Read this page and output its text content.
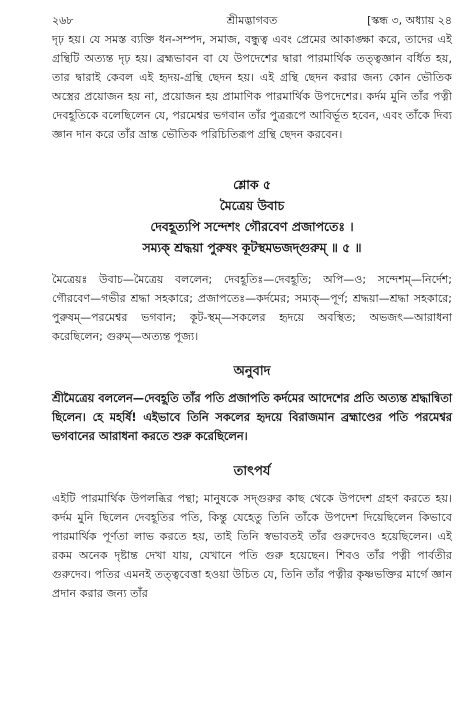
২৬৮	শ্রীমদ্ভাগবত	[স্কন্ধ ৩, অধ্যায় ২৪

দৃঢ় হয়। যে সমস্ত ব্যক্তি ধন-সম্পদ, সমাজ, বন্ধুত্ব এবং প্রেমের আকাঙ্ক্ষা করে, তাদের এই গ্রন্থিটি অত্যন্ত দৃঢ় হয়। ব্রহ্মভাবন বা যে উপদেশের দ্বারা পারমার্থিক তত্ত্বজ্ঞান বর্ধিত হয়, তার দ্বারাই কেবল এই হৃদয়-গ্রন্থি ছেদন হয়। এই গ্রন্থি ছেদন করার জন্য কোন ভৌতিক অস্ত্রের প্রয়োজন হয় না, প্রয়োজন হয় প্রামাণিক পারমার্থিক উপদেশের। কর্দম মুনি তাঁর পত্নী দেবহূতিকে বলেছিলেন যে, পরমেশ্বর ভগবান তাঁর পুত্ররূপে আবির্ভূত হবেন, এবং তাঁকে দিব্য জ্ঞান দান করে তাঁর ভ্রান্ত ভৌতিক পরিচিতিরূপ গ্রন্থি ছেদন করবেন।

শ্লোক ৫
মৈত্রেয় উবাচ
দেবহূত্যপি সন্দেশং গৌরবেণ প্রজাপতেঃ ।
সম্যক্ শ্রদ্ধয়া পুরুষং কূটস্থমভজদ্গুরুম্ ॥ ৫ ॥
মৈত্রেয়ঃ উবাচ—মৈত্রেয় বললেন; দেবহূতিঃ—দেবহূতি; অপি—ও; সন্দেশম্—নির্দেশ; গৌরবেণ—গভীর শ্রদ্ধা সহকারে; প্রজাপতেঃ—কর্দমের; সম্যক্—পূর্ণ; শ্রদ্ধয়া—শ্রদ্ধা সহকারে; পুরুষম্—পরমেশ্বর ভগবান; কূট-স্থম্—সকলের হৃদয়ে অবস্থিত; অভজৎ—আরাধনা করেছিলেন; গুরুম্—অত্যন্ত পূজ্য।
অনুবাদ
শ্রীমৈত্রেয় বললেন—দেবহূতি তাঁর পতি প্রজাপতি কর্দমের আদেশের প্রতি অত্যন্ত শ্রদ্ধান্বিতা ছিলেন। হে মহর্ষি! এইভাবে তিনি সকলের হৃদয়ে বিরাজমান ব্রহ্মাণ্ডের পতি পরমেশ্বর ভগবানের আরাধনা করতে শুরু করেছিলেন।
তাৎপর্য
এইটি পারমার্থিক উপলব্ধির পন্থা; মানুষকে সদ্গুরুর কাছ থেকে উপদেশ গ্রহণ করতে হয়। কর্দম মুনি ছিলেন দেবহূতির পতি, কিন্তু যেহেতু তিনি তাঁকে উপদেশ দিয়েছিলেন কিভাবে পারমার্থিক পূর্ণতা লাভ করতে হয়, তাই তিনি স্বভাবতই তাঁর গুরুদেবও হয়েছিলেন। এই রকম অনেক দৃষ্টান্ত দেখা যায়, যেখানে পতি গুরু হয়েছেন। শিবও তাঁর পত্নী পার্বতীর গুরুদেব। পতির এমনই তত্ত্ববেত্তা হওয়া উচিত যে, তিনি তাঁর পত্নীর কৃষ্ণভক্তির মার্গে জ্ঞান প্রদান করার জন্য তাঁর
